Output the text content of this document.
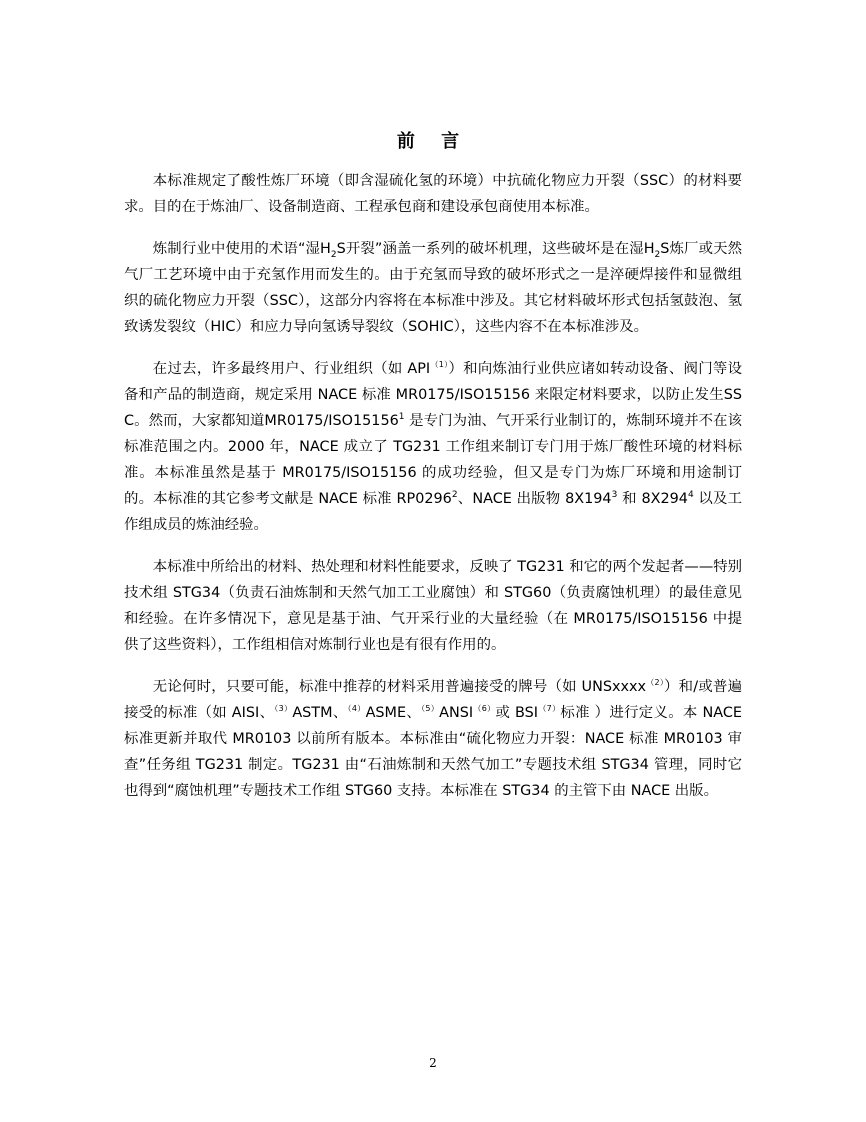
前 言

本标准规定了酸性炼厂环境（即含湿硫化氢的环境）中抗硫化物应力开裂（SSC）的材料要求。目的在于炼油厂、设备制造商、工程承包商和建设承包商使用本标准。

炼制行业中使用的术语“湿$H_2S$开裂”涵盖一系列的破坏机理，这些破坏是在湿$H_2S$炼厂或天然气厂工艺环境中由于充氢作用而发生的。由于充氢而导致的破坏形式之一是淬硬焊接件和显微组织的硫化物应力开裂（SSC），这部分内容将在本标准中涉及。其它材料破坏形式包括氢鼓泡、氢致诱发裂纹（HIC）和应力导向氢诱导裂纹（SOHIC），这些内容不在本标准涉及。

在过去，许多最终用户、行业组织（如 API$^{(1)}$）和向炼油行业供应诸如转动设备、阀门等设备和产品的制造商，规定采用 NACE 标准 MR0175/ISO15156 来限定材料要求，以防止发生SSC。然而，大家都知道MR0175/ISO15156$^1$ 是专门为油、气开采行业制订的，炼制环境并不在该标准范围之内。2000 年，NACE 成立了 TG231 工作组来制订专门用于炼厂酸性环境的材料标准。本标准虽然是基于 MR0175/ISO15156 的成功经验，但又是专门为炼厂环境和用途制订的。本标准的其它参考文献是 NACE 标准 RP0296$^2$、NACE 出版物 $8X194^3$ 和 $8X294^4$ 以及工作组成员的炼油经验。

本标准中所给出的材料、热处理和材料性能要求，反映了 TG231 和它的两个发起者——特别技术组 STG34（负责石油炼制和天然气加工工业腐蚀）和 STG60（负责腐蚀机理）的最佳意见和经验。在许多情况下，意见是基于油、气开采行业的大量经验（在 MR0175/ISO15156 中提供了这些资料），工作组相信对炼制行业也是有很有作用的。

无论何时，只要可能，标准中推荐的材料采用普遍接受的牌号（如 UNSxxxx$^{(2)}$）和/或普遍接受的标准（如 AISI、$^{(3)}$ASTM、$^{(4)}$ASME、$^{(5)}$ANSI$^{(6)}$或 BSI$^{(7)}$标准 ）进行定义。本 NACE 标准更新并取代 MR0103 以前所有版本。本标准由“硫化物应力开裂：NACE 标准 MR0103 审查”任务组 TG231 制定。TG231 由“石油炼制和天然气加工”专题技术组 STG34 管理，同时它也得到“腐蚀机理”专题技术工作组 STG60 支持。本标准在 STG34 的主管下由 NACE 出版。

2
